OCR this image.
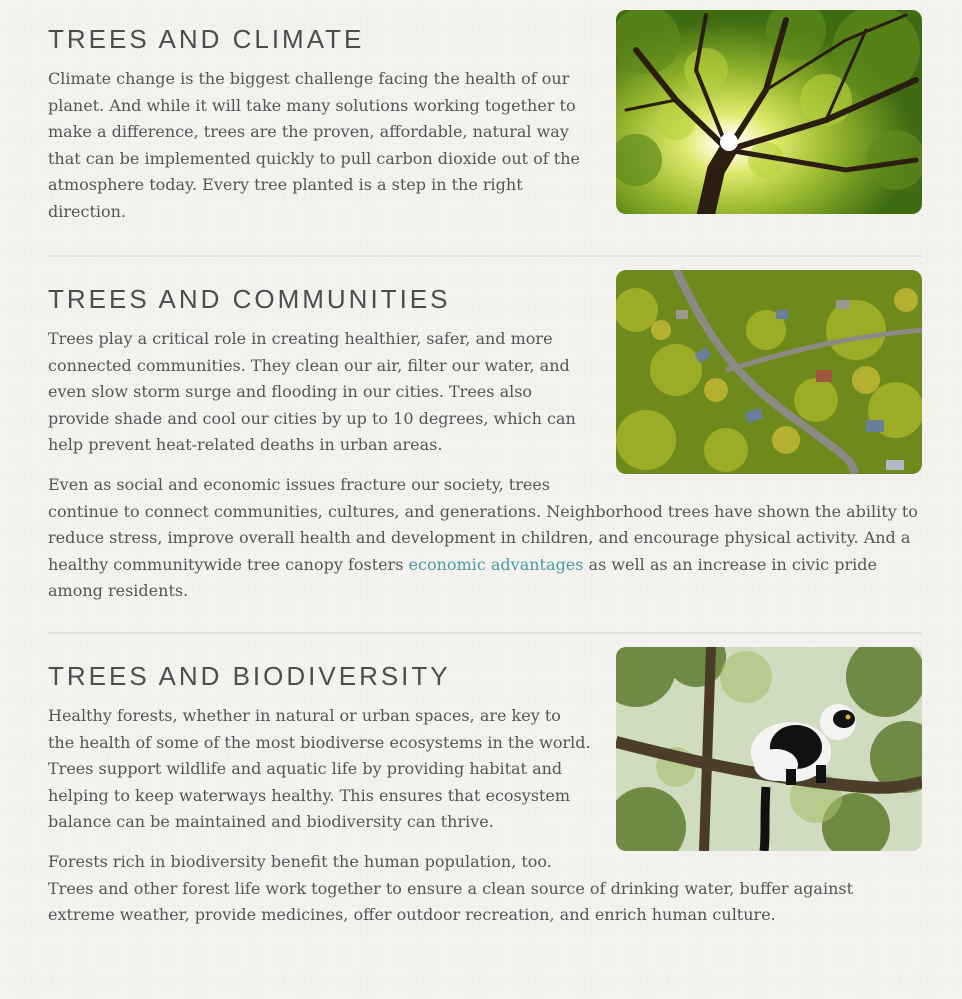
TREES AND CLIMATE

Climate change is the biggest challenge facing the health of our planet. And while it will take many solutions working together to make a difference, trees are the proven, affordable, natural way that can be implemented quickly to pull carbon dioxide out of the atmosphere today. Every tree planted is a step in the right direction.

TREES AND COMMUNITIES

Trees play a critical role in creating healthier, safer, and more connected communities. They clean our air, filter our water, and even slow storm surge and flooding in our cities. Trees also provide shade and cool our cities by up to 10 degrees, which can help prevent heat-related deaths in urban areas.

Even as social and economic issues fracture our society, trees continue to connect communities, cultures, and generations. Neighborhood trees have shown the ability to reduce stress, improve overall health and development in children, and encourage physical activity. And a healthy communitywide tree canopy fosters economic advantages as well as an increase in civic pride among residents.

TREES AND BIODIVERSITY

Healthy forests, whether in natural or urban spaces, are key to the health of some of the most biodiverse ecosystems in the world. Trees support wildlife and aquatic life by providing habitat and helping to keep waterways healthy. This ensures that ecosystem balance can be maintained and biodiversity can thrive.

Forests rich in biodiversity benefit the human population, too. Trees and other forest life work together to ensure a clean source of drinking water, buffer against extreme weather, provide medicines, offer outdoor recreation, and enrich human culture.
